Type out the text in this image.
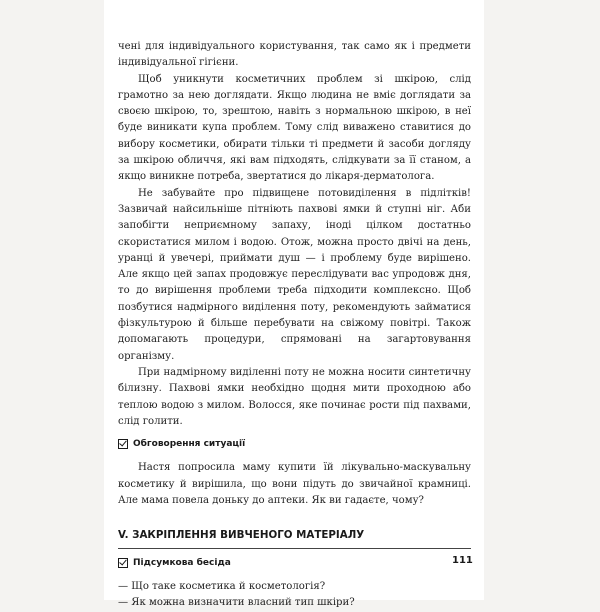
чені для індивідуального користування, так само як і предмети індивідуальної гігієни.

Щоб уникнути косметичних проблем зі шкірою, слід грамотно за нею доглядати. Якщо людина не вміє доглядати за своєю шкірою, то, зрештою, навіть з нормальною шкірою, в неї буде виникати купа проблем. Тому слід виважено ставитися до вибору косметики, обирати тільки ті предмети й засоби догляду за шкірою обличчя, які вам підходять, слідкувати за її станом, а якщо виникне потреба, звертатися до лікаря-дерматолога.

Не забувайте про підвищене потовиділення в підлітків! Зазвичай найсильніше пітніють пахвові ямки й ступні ніг. Аби запобігти неприємному запаху, іноді цілком достатньо скористатися милом і водою. Отож, можна просто двічі на день, уранці й увечері, приймати душ — і проблему буде вирішено. Але якщо цей запах продовжує переслідувати вас упродовж дня, то до вирішення проблеми треба підходити комплексно. Щоб позбутися надмірного виділення поту, рекомендують займатися фізкультурою й більше перебувати на свіжому повітрі. Також допомагають процедури, спрямовані на загартовування організму.

При надмірному виділенні поту не можна носити синтетичну білизну. Пахвові ямки необхідно щодня мити проходною або теплою водою з милом. Волосся, яке починає рости під пахвами, слід голити.

Обговорення ситуації

Настя попросила маму купити їй лікувально-маскувальну косметику й вирішила, що вони підуть до звичайної крамниці. Але мама повела доньку до аптеки. Як ви гадаєте, чому?

V. ЗАКРІПЛЕННЯ ВИВЧЕНОГО МАТЕРІАЛУ
Підсумкова бесіда

— Що таке косметика й косметологія?

— Як можна визначити власний тип шкіри?

111
